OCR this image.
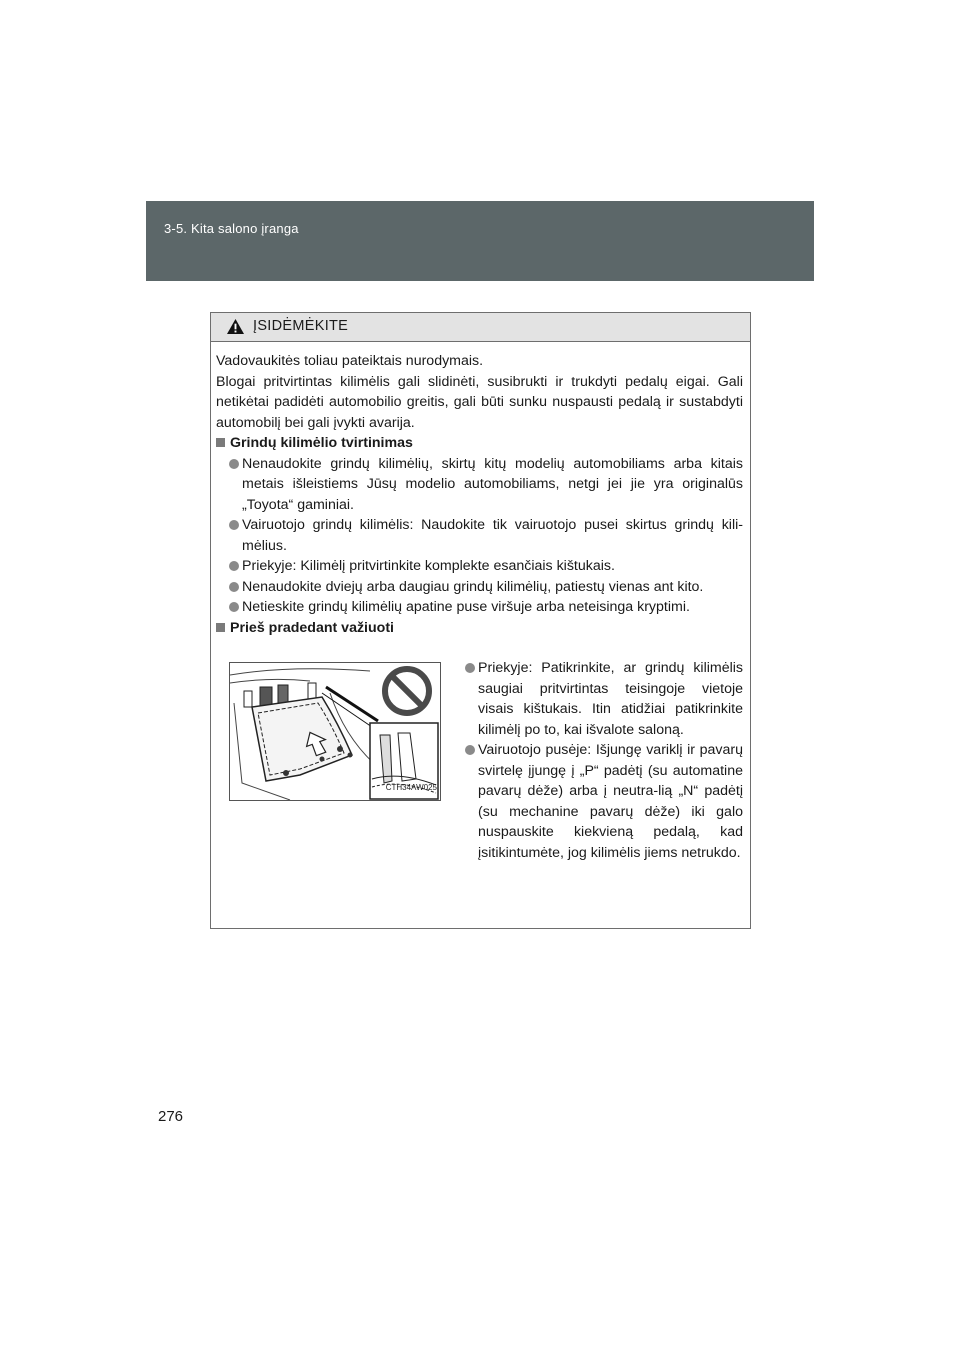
3-5. Kita salono įranga
ĮSIDĖMĖKITE

Vadovaukitės toliau pateiktais nurodymais.

Blogai pritvirtintas kilimėlis gali slidinėti, susibrukti ir trukdyti pedalų eigai. Gali netikėtai padidėti automobilio greitis, gali būti sunku nuspausti pedalą ir sustabdyti automobilį bei gali įvykti avarija.

Grindų kilimėlio tvirtinimas

Nenaudokite grindų kilimėlių, skirtų kitų modelių automobiliams arba kitais metais išleistiems Jūsų modelio automobiliams, netgi jei jie yra originalūs „Toyota“ gaminiai.

Vairuotojo grindų kilimėlis: Naudokite tik vairuotojo pusei skirtus grindų kili-mėlius.

Priekyje: Kilimėlį pritvirtinkite komplekte esančiais kištukais.

Nenaudokite dviejų arba daugiau grindų kilimėlių, patiestų vienas ant kito.

Netieskite grindų kilimėlių apatine puse viršuje arba neteisinga kryptimi.

Prieš pradedant važiuoti

CTH34AW025

Priekyje: Patikrinkite, ar grindų kilimėlis saugiai pritvirtintas teisingoje vietoje visais kištukais. Itin atidžiai patikrinkite kilimėlį po to, kai išvalote saloną.

Vairuotojo pusėje: Išjungę variklį ir pavarų svirtelę įjungę į „P“ padėtį (su automatine pavarų dėže) arba į neutra-lią „N“ padėtį (su mechanine pavarų dėže) iki galo nuspauskite kiekvieną pedalą, kad įsitikintumėte, jog kilimėlis jiems netrukdo.

276
